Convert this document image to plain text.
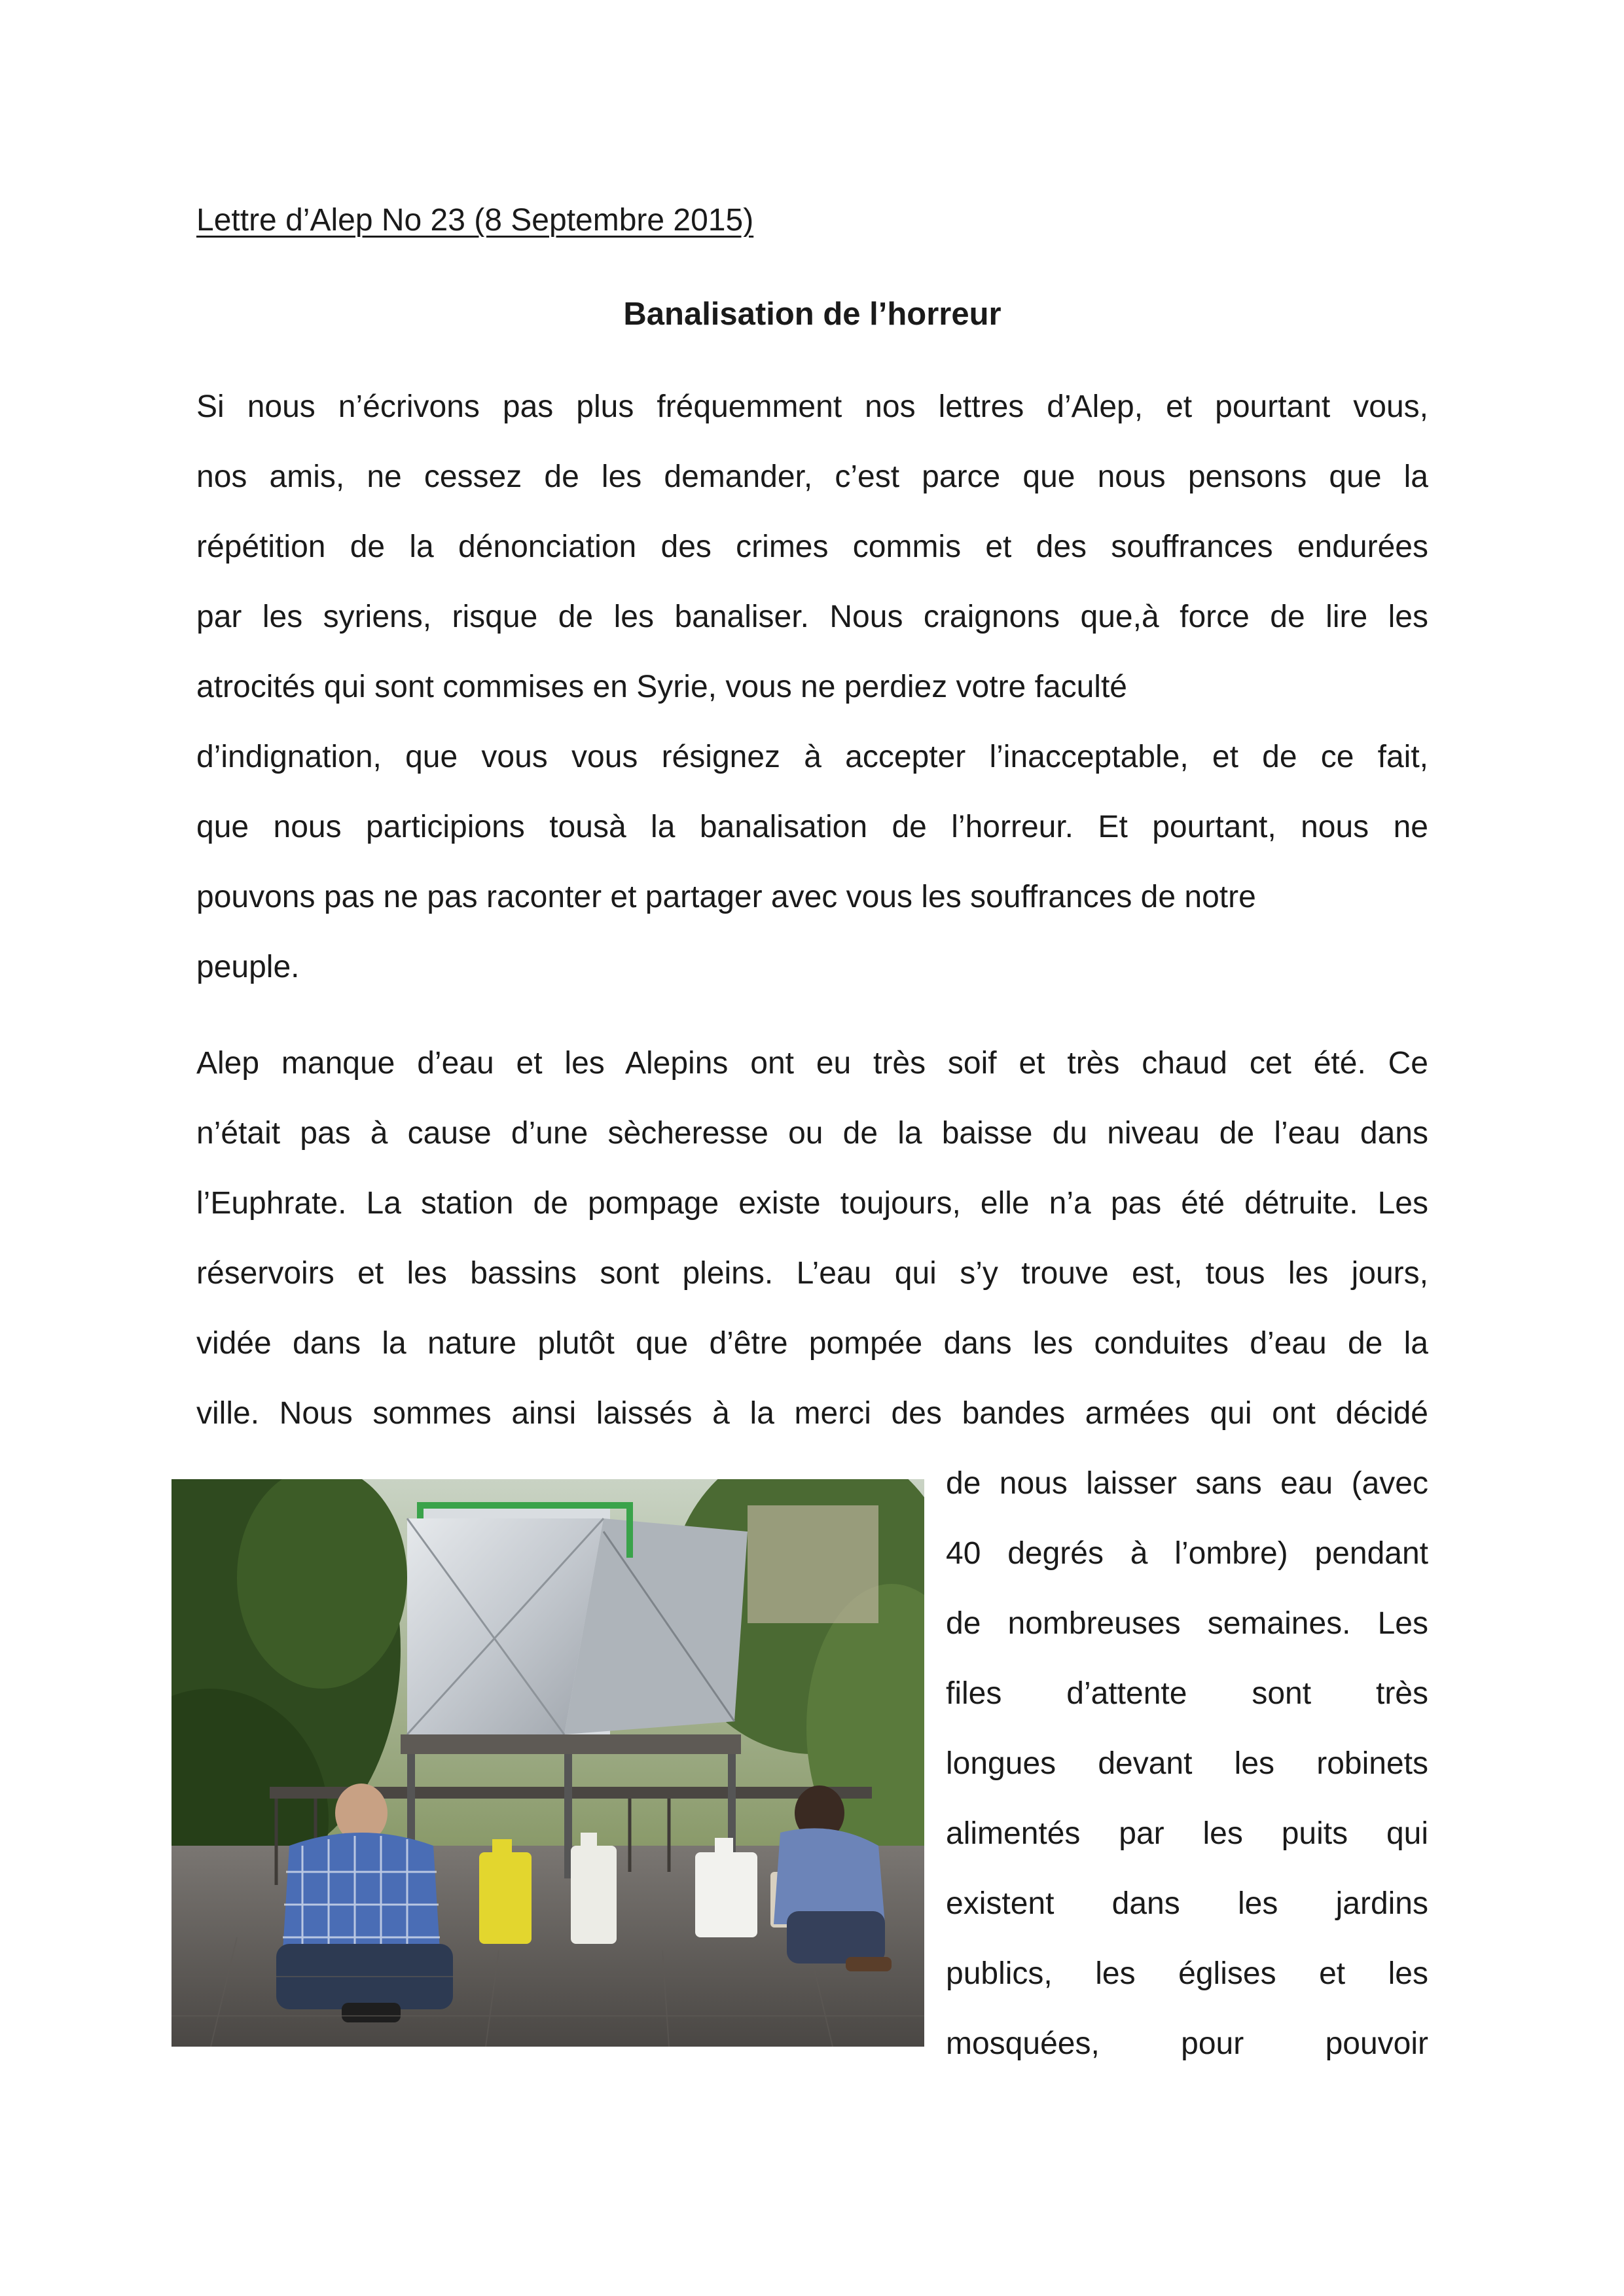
Lettre d’Alep No 23 (8 Septembre 2015)
Banalisation de l’horreur
Si nous n’écrivons pas plus fréquemment nos lettres d’Alep, et pourtant vous,
nos amis, ne cessez de les demander, c’est parce que nous pensons que la
répétition de la dénonciation des crimes commis et des souffrances endurées
par les syriens, risque de les banaliser. Nous craignons que,à force de lire les
atrocités qui sont commises en Syrie, vous ne perdiez votre faculté
d’indignation, que vous vous résignez à accepter l’inacceptable, et de ce fait,
que nous participions tousà la banalisation de l’horreur. Et pourtant, nous ne
pouvons pas ne pas raconter et partager avec vous les souffrances de notre
peuple.
Alep manque d’eau et les Alepins ont eu très soif et très chaud cet été. Ce
n’était pas à cause d’une sècheresse ou de la baisse du niveau de l’eau dans
l’Euphrate. La station de pompage existe toujours, elle n’a pas été détruite. Les
réservoirs et les bassins sont pleins. L’eau qui s’y trouve est, tous les jours,
vidée dans la nature plutôt que d’être pompée dans les conduites d’eau de la
ville. Nous sommes ainsi laissés à la merci des bandes armées qui ont décidé
de nous laisser sans eau (avec
40 degrés à l’ombre) pendant
de nombreuses semaines. Les
files d’attente sont très
longues devant les robinets
alimentés par les puits qui
existent dans les jardins
publics, les églises et les
mosquées, pour pouvoir
